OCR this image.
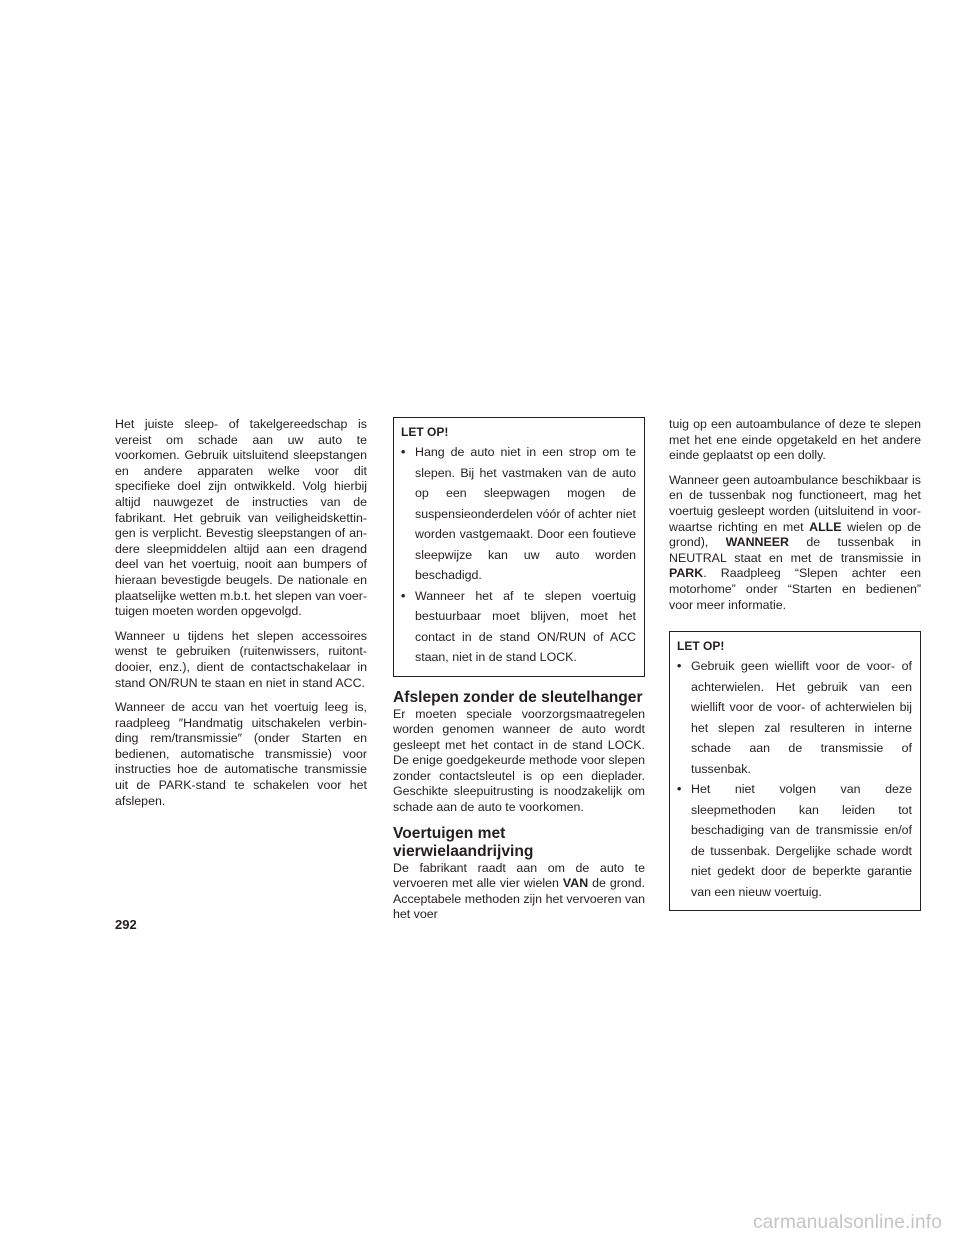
Het juiste sleep- of takelgereedschap is vereist om schade aan uw auto te voorkomen. Gebruik uitsluitend sleepstangen en andere apparaten welke voor dit specifieke doel zijn ontwikkeld. Volg hierbij altijd nauwgezet de instructies van de fabrikant. Het gebruik van veiligheidskettingen is verplicht. Bevestig sleepstangen of andere sleepmiddelen altijd aan een dragend deel van het voertuig, nooit aan bumpers of hieraan bevestigde beugels. De nationale en plaatselijke wetten m.b.t. het slepen van voertuigen moeten worden opgevolgd.

Wanneer u tijdens het slepen accessoires wenst te gebruiken (ruitenwissers, ruitontdooier, enz.), dient de contactschakelaar in stand ON/RUN te staan en niet in stand ACC.

Wanneer de accu van het voertuig leeg is, raadpleeg ″Handmatig uitschakelen verbinding rem/transmissie″ (onder Starten en bedienen, automatische transmissie) voor instructies hoe de automatische transmissie uit de PARK-stand te schakelen voor het afslepen.

LET OP!
• Hang de auto niet in een strop om te slepen. Bij het vastmaken van de auto op een sleepwagen mogen de suspensieonderdelen vóór of achter niet worden vastgemaakt. Door een foutieve sleepwijze kan uw auto worden beschadigd.
• Wanneer het af te slepen voertuig bestuurbaar moet blijven, moet het contact in de stand ON/RUN of ACC staan, niet in de stand LOCK.
Afslepen zonder de sleutelhanger

Er moeten speciale voorzorgsmaatregelen worden genomen wanneer de auto wordt gesleept met het contact in de stand LOCK. De enige goedgekeurde methode voor slepen zonder contactsleutel is op een dieplader. Geschikte sleepuitrusting is noodzakelijk om schade aan de auto te voorkomen.

Voertuigen met vierwielaandrijving

De fabrikant raadt aan om de auto te vervoeren met alle vier wielen VAN de grond. Acceptabele methoden zijn het vervoeren van het voer

tuig op een autoambulance of deze te slepen met het ene einde opgetakeld en het andere einde geplaatst op een dolly.

Wanneer geen autoambulance beschikbaar is en de tussenbak nog functioneert, mag het voertuig gesleept worden (uitsluitend in voorwaartse richting en met ALLE wielen op de grond), WANNEER de tussenbak in NEUTRAL staat en met de transmissie in PARK. Raadpleeg “Slepen achter een motorhome” onder “Starten en bedienen” voor meer informatie.

LET OP!
• Gebruik geen wiellift voor de voor- of achterwielen. Het gebruik van een wiellift voor de voor- of achterwielen bij het slepen zal resulteren in interne schade aan de transmissie of tussenbak.
• Het niet volgen van deze sleepmethoden kan leiden tot beschadiging van de transmissie en/of de tussenbak. Dergelijke schade wordt niet gedekt door de beperkte garantie van een nieuw voertuig.
292
carmanualsonline.info
